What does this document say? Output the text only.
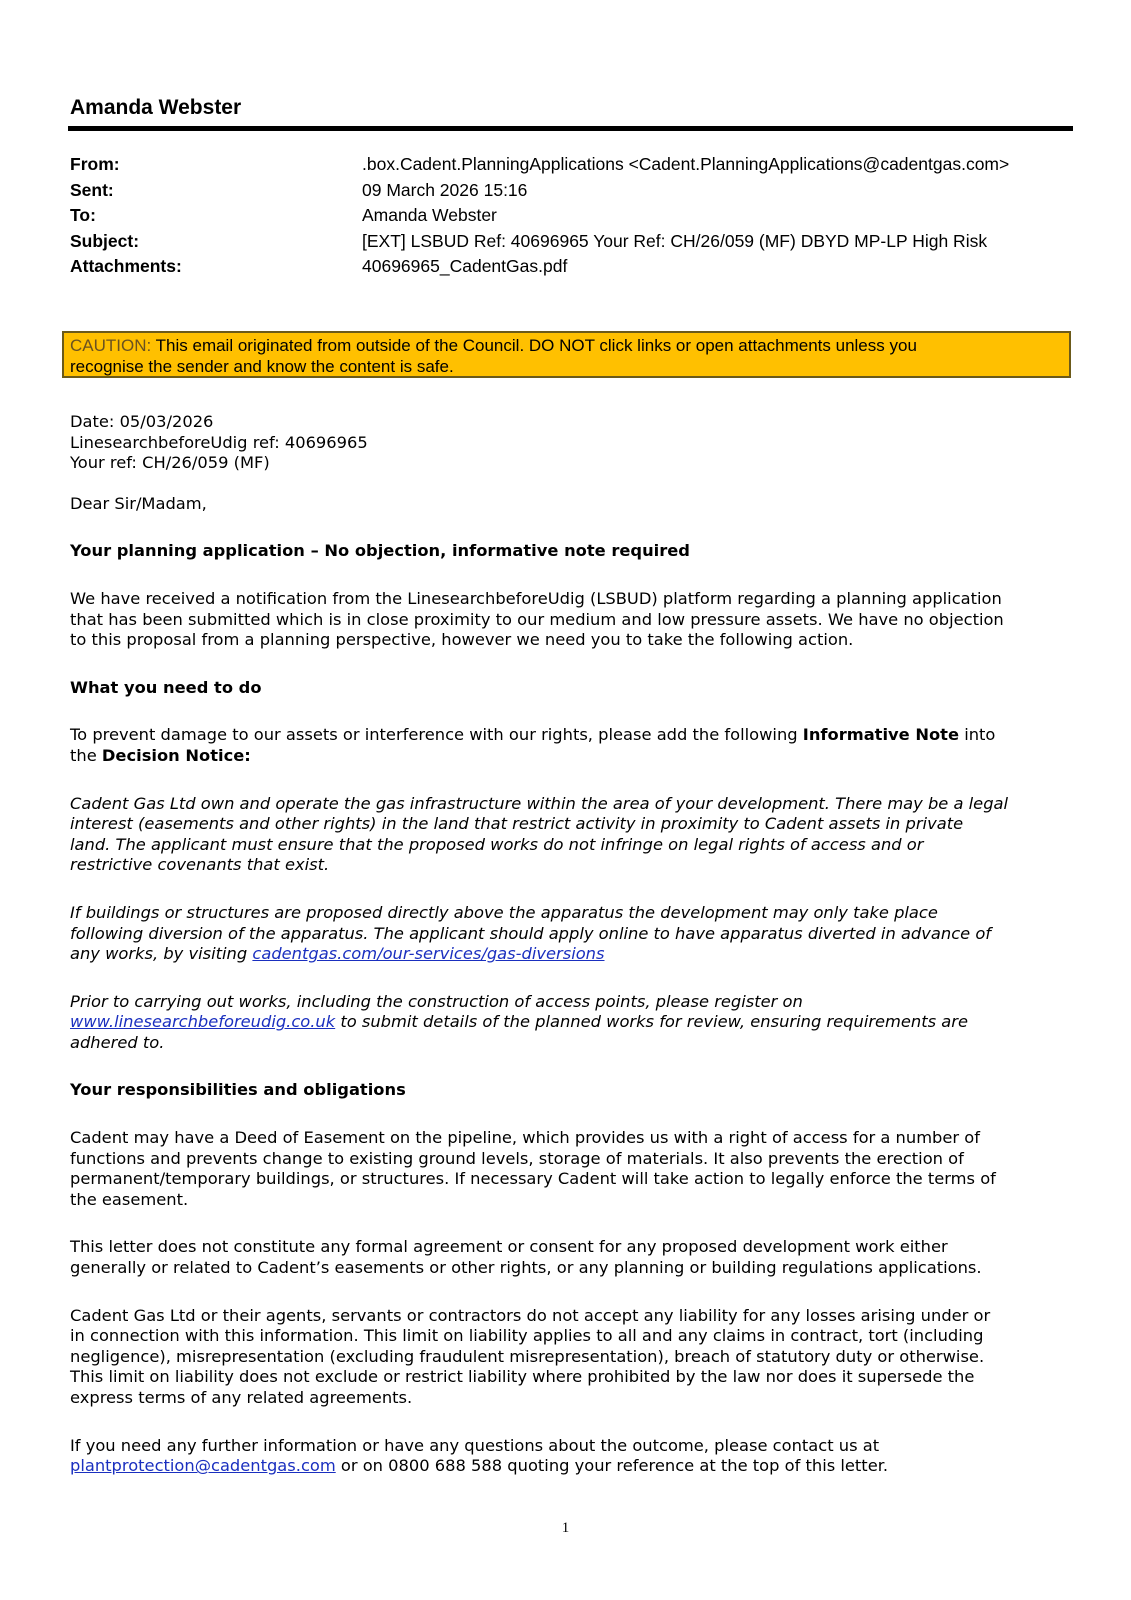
Amanda Webster
From:	.box.Cadent.PlanningApplications <Cadent.PlanningApplications@cadentgas.com>
Sent:	09 March 2026 15:16
To:	Amanda Webster
Subject:	[EXT] LSBUD Ref: 40696965 Your Ref: CH/26/059 (MF) DBYD MP-LP High Risk
Attachments:	40696965_CadentGas.pdf
CAUTION: This email originated from outside of the Council. DO NOT click links or open attachments unless you
recognise the sender and know the content is safe.

Date: 05/03/2026
LinesearchbeforeUdig ref: 40696965
Your ref: CH/26/059 (MF)

Dear Sir/Madam,

Your planning application – No objection, informative note required

We have received a notification from the LinesearchbeforeUdig (LSBUD) platform regarding a planning application
that has been submitted which is in close proximity to our medium and low pressure assets. We have no objection
to this proposal from a planning perspective, however we need you to take the following action.

What you need to do

To prevent damage to our assets or interference with our rights, please add the following Informative Note into
the Decision Notice:

Cadent Gas Ltd own and operate the gas infrastructure within the area of your development. There may be a legal
interest (easements and other rights) in the land that restrict activity in proximity to Cadent assets in private
land. The applicant must ensure that the proposed works do not infringe on legal rights of access and or
restrictive covenants that exist.

If buildings or structures are proposed directly above the apparatus the development may only take place
following diversion of the apparatus. The applicant should apply online to have apparatus diverted in advance of
any works, by visiting cadentgas.com/our-services/gas-diversions

Prior to carrying out works, including the construction of access points, please register on
www.linesearchbeforeudig.co.uk to submit details of the planned works for review, ensuring requirements are
adhered to.

Your responsibilities and obligations

Cadent may have a Deed of Easement on the pipeline, which provides us with a right of access for a number of
functions and prevents change to existing ground levels, storage of materials. It also prevents the erection of
permanent/temporary buildings, or structures. If necessary Cadent will take action to legally enforce the terms of
the easement.

This letter does not constitute any formal agreement or consent for any proposed development work either
generally or related to Cadent’s easements or other rights, or any planning or building regulations applications.

Cadent Gas Ltd or their agents, servants or contractors do not accept any liability for any losses arising under or
in connection with this information. This limit on liability applies to all and any claims in contract, tort (including
negligence), misrepresentation (excluding fraudulent misrepresentation), breach of statutory duty or otherwise.
This limit on liability does not exclude or restrict liability where prohibited by the law nor does it supersede the
express terms of any related agreements.

If you need any further information or have any questions about the outcome, please contact us at
plantprotection@cadentgas.com or on 0800 688 588 quoting your reference at the top of this letter.

1
